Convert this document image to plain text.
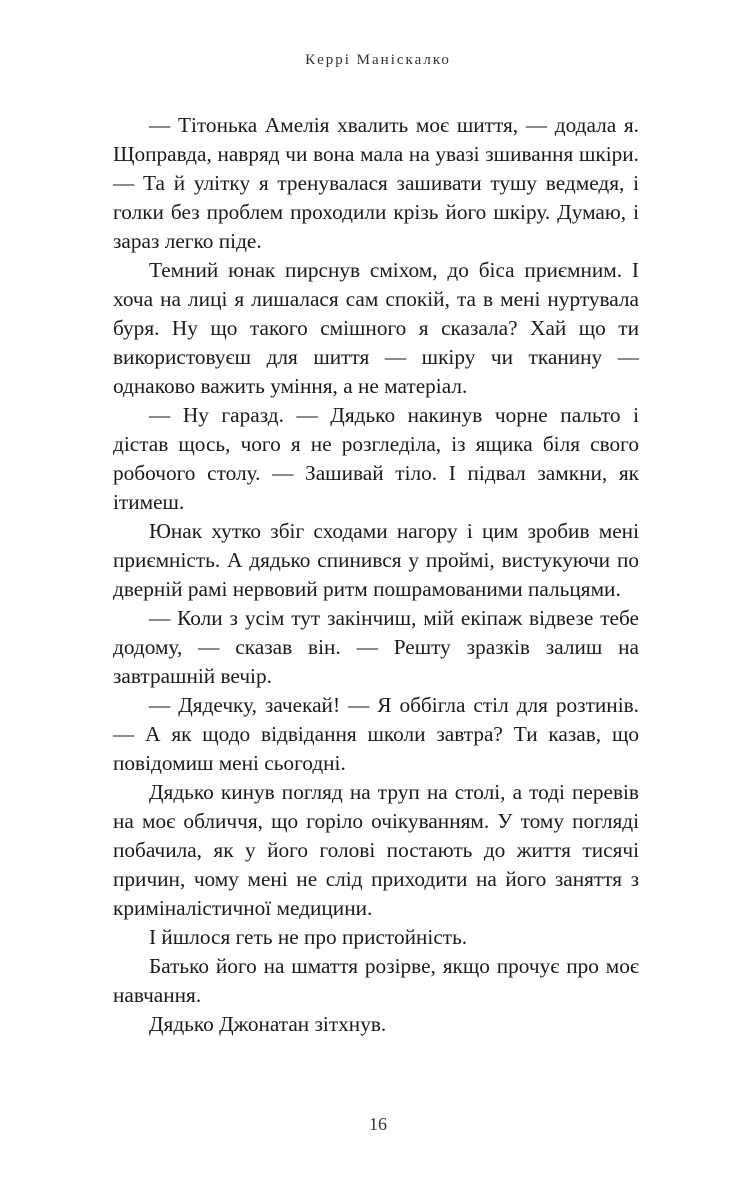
Кeррі Маніскалко

— Тітонька Амелія хвалить моє шиття, — додала я. Щоправда, навряд чи вона мала на увазі зшивання шкіри. — Та й улітку я тренувалася зашивати тушу ведмедя, і голки без проблем проходили крізь його шкіру. Думаю, і зараз легко піде.

Темний юнак пирснув сміхом, до біса приємним. І хоча на лиці я лишалася сам спокій, та в мені нуртувала буря. Ну що такого смішного я сказала? Хай що ти використовуєш для шиття — шкіру чи тканину — однаково важить уміння, а не матеріал.

— Ну гаразд. — Дядько накинув чорне пальто і дістав щось, чого я не розгледіла, із ящика біля свого робочого столу. — Зашивай тіло. І підвал замкни, як ітимеш.

Юнак хутко збіг сходами нагору і цим зробив мені приємність. А дядько спинився у проймі, вистукуючи по дверній рамі нервовий ритм пошрамованими пальцями.

— Коли з усім тут закінчиш, мій екіпаж відвезе тебе додому, — сказав він. — Решту зразків залиш на завтрашній вечір.

— Дядечку, зачекай! — Я оббігла стіл для розтинів. — А як щодо відвідання школи завтра? Ти казав, що повідомиш мені сьогодні.

Дядько кинув погляд на труп на столі, а тоді перевів на моє обличчя, що горіло очікуванням. У тому погляді побачила, як у його голові постають до життя тисячі причин, чому мені не слід приходити на його заняття з криміналістичної медицини.

І йшлося геть не про пристойність.

Батько його на шмаття розірве, якщо прочує про моє навчання.

Дядько Джонатан зітхнув.

16
